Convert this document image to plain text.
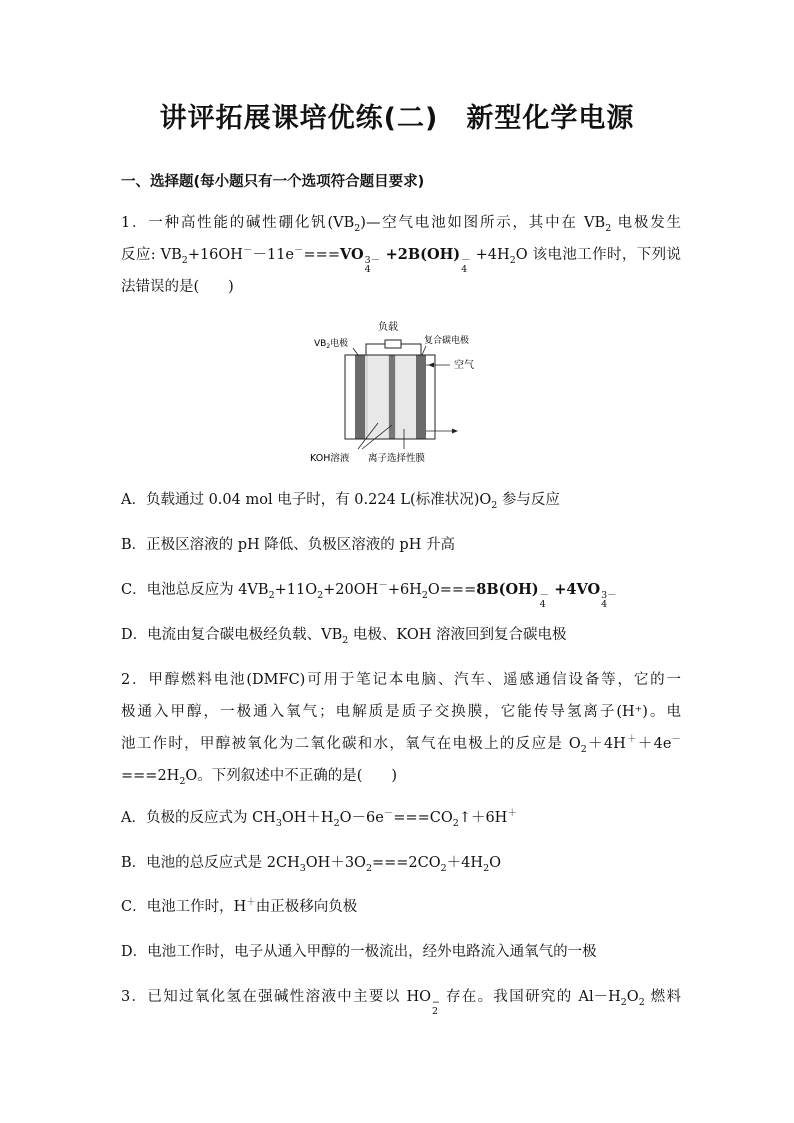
讲评拓展课培优练(二) 新型化学电源
一、选择题(每小题只有一个选项符合题目要求)
1．一种高性能的碱性硼化钒$(VB_2)—$空气电池如图所示，其中在 $VB_2$ 电极发生
反应: $VB_2+16OH^--11e^-===VO$ 3－
4
+2B(OH) －
4
$+4H_2O$ 该电池工作时，下列说
法错误的是(　　)
负载
$VB_2$电极	复合碳电极
空气
KOH溶液 离子选择性膜
A．负载通过 0.04 mol 电子时，有 0.224 L(标准状况)$O_2$ 参与反应
B．正极区溶液的 pH 降低、负极区溶液的 pH 升高
C．电池总反应为 $4VB_2+11O_2+20OH^-+6H_2O===8B(OH)$ －
4
+4VO 3－
4
D．电流由复合碳电极经负载、$VB_2$ 电极、KOH 溶液回到复合碳电极
2．甲醇燃料电池(DMFC)可用于笔记本电脑、汽车、遥感通信设备等，它的一
极通入甲醇，一极通入氧气；电解质是质子交换膜，它能传导氢离子(H⁺)。电
池工作时，甲醇被氧化为二氧化碳和水，氧气在电极上的反应是 $O_2+4H^++4e^-$
$===2H_2O$。下列叙述中不正确的是(　　)
A．负极的反应式为 $CH_3OH+H_2O-6e^-===CO_2↑+6H^+$
B．电池的总反应式是 $2CH_3OH+3O_2===2CO_2+4H_2O$
C．电池工作时，H＋由正极移向负极
D．电池工作时，电子从通入甲醇的一极流出，经外电路流入通氧气的一极
3．已知过氧化氢在强碱性溶液中主要以 HO −
2
存在。我国研究的 $Al-H_2O_2$ 燃料
